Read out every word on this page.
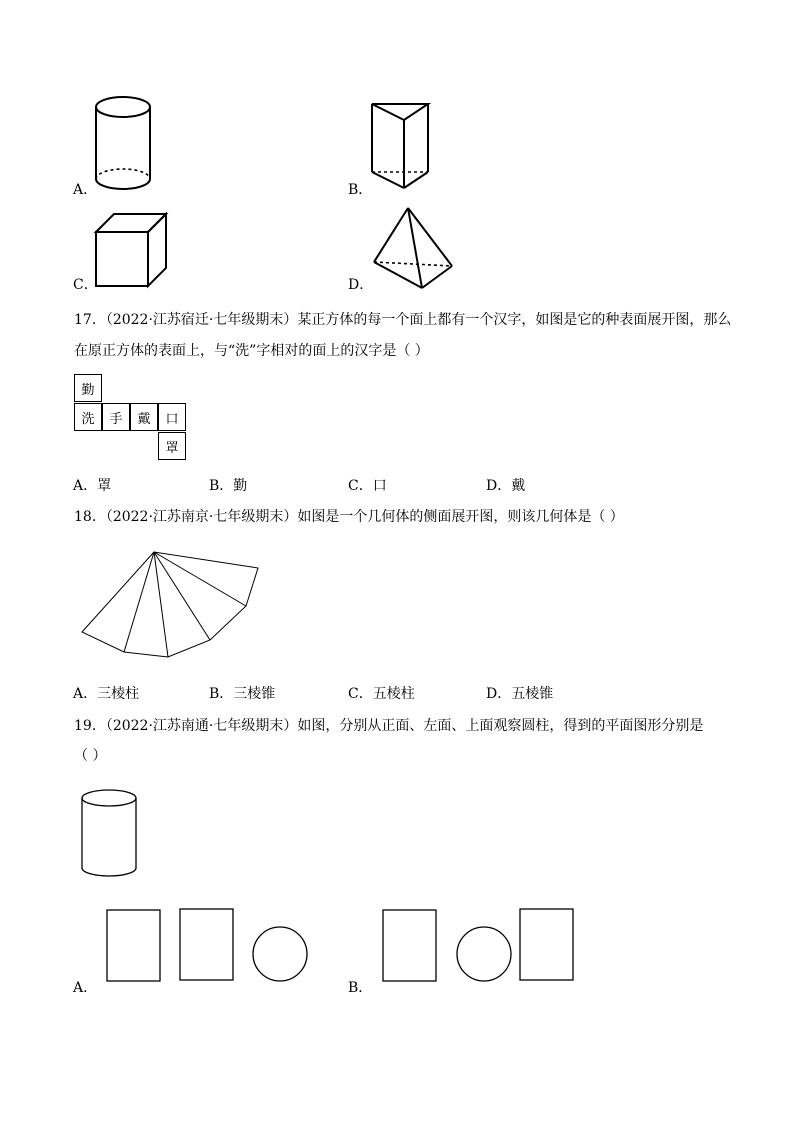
A．	B．
C．	D．
17．（2022·江苏宿迁·七年级期末）某正方体的每一个面上都有一个汉字，如图是它的种表面展开图，那么
在原正方体的表面上，与“洗”字相对的面上的汉字是（ ）
勤
洗	手	戴	口
罩
A．罩	B．勤	C．口	D．戴
18．（2022·江苏南京·七年级期末）如图是一个几何体的侧面展开图，则该几何体是（ ）
A．三棱柱	B．三棱锥	C．五棱柱	D．五棱锥
19．（2022·江苏南通·七年级期末）如图，分别从正面、左面、上面观察圆柱，得到的平面图形分别是
（ ）
A．	B．
